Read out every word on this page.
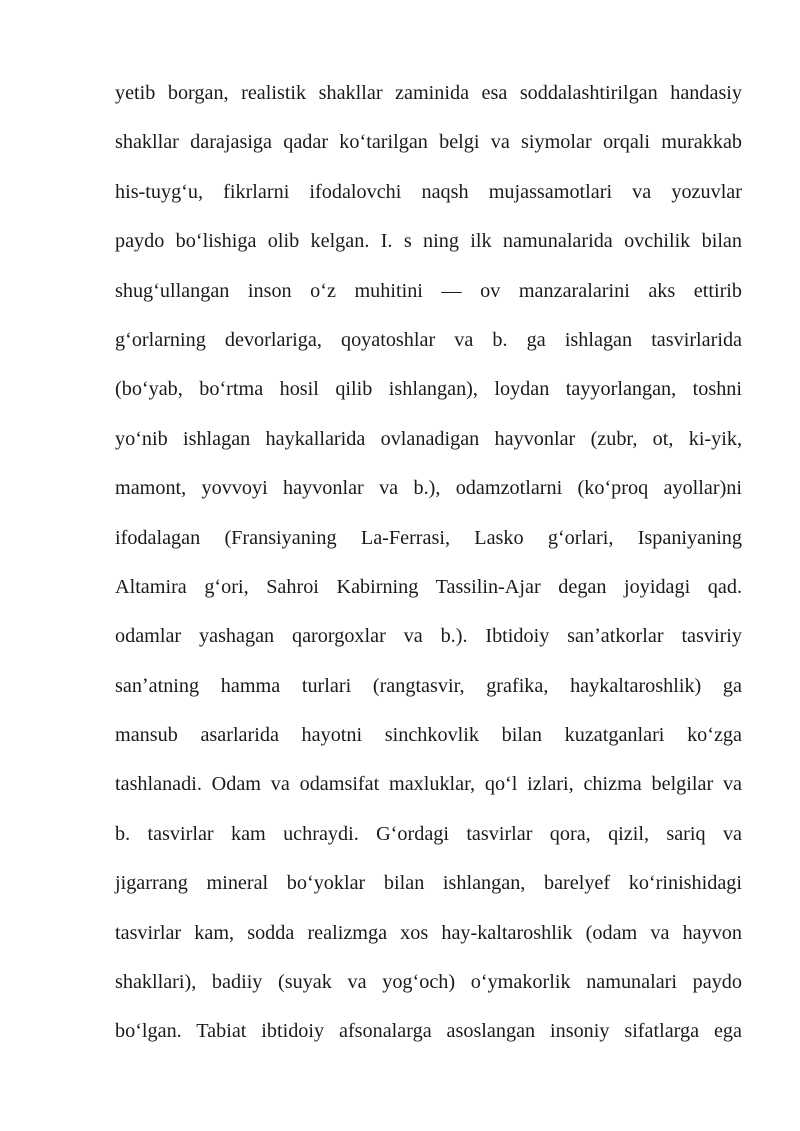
yetib borgan, realistik shakllar zaminida esa soddalashtirilgan handasiy
shakllar darajasiga qadar koʻtarilgan belgi va siymolar orqali murakkab
his-tuygʻu, fikrlarni ifodalovchi naqsh mujassamotlari va yozuvlar
paydo boʻlishiga olib kelgan. I. s ning ilk namunalarida ovchilik bilan
shugʻullangan inson oʻz muhitini — ov manzaralarini aks ettirib
gʻorlarning devorlariga, qoyatoshlar va b. ga ishlagan tasvirlarida
(boʻyab, boʻrtma hosil qilib ishlangan), loydan tayyorlangan, toshni
yoʻnib ishlagan haykallarida ovlanadigan hayvonlar (zubr, ot, ki-yik,
mamont, yovvoyi hayvonlar va b.), odamzotlarni (koʻproq ayollar)ni
ifodalagan (Fransiyaning La-Ferrasi, Lasko gʻorlari, Ispaniyaning
Altamira gʻori, Sahroi Kabirning Tassilin-Ajar degan joyidagi qad.
odamlar yashagan qarorgoxlar va b.). Ibtidoiy sanʼatkorlar tasviriy
sanʼatning hamma turlari (rangtasvir, grafika, haykaltaroshlik) ga
mansub asarlarida hayotni sinchkovlik bilan kuzatganlari koʻzga
tashlanadi. Odam va odamsifat maxluklar, qoʻl izlari, chizma belgilar va
b. tasvirlar kam uchraydi. Gʻordagi tasvirlar qora, qizil, sariq va
jigarrang mineral boʻyoklar bilan ishlangan, barelyef koʻrinishidagi
tasvirlar kam, sodda realizmga xos hay-kaltaroshlik (odam va hayvon
shakllari), badiiy (suyak va yogʻoch) oʻymakorlik namunalari paydo
boʻlgan. Tabiat ibtidoiy afsonalarga asoslangan insoniy sifatlarga ega
